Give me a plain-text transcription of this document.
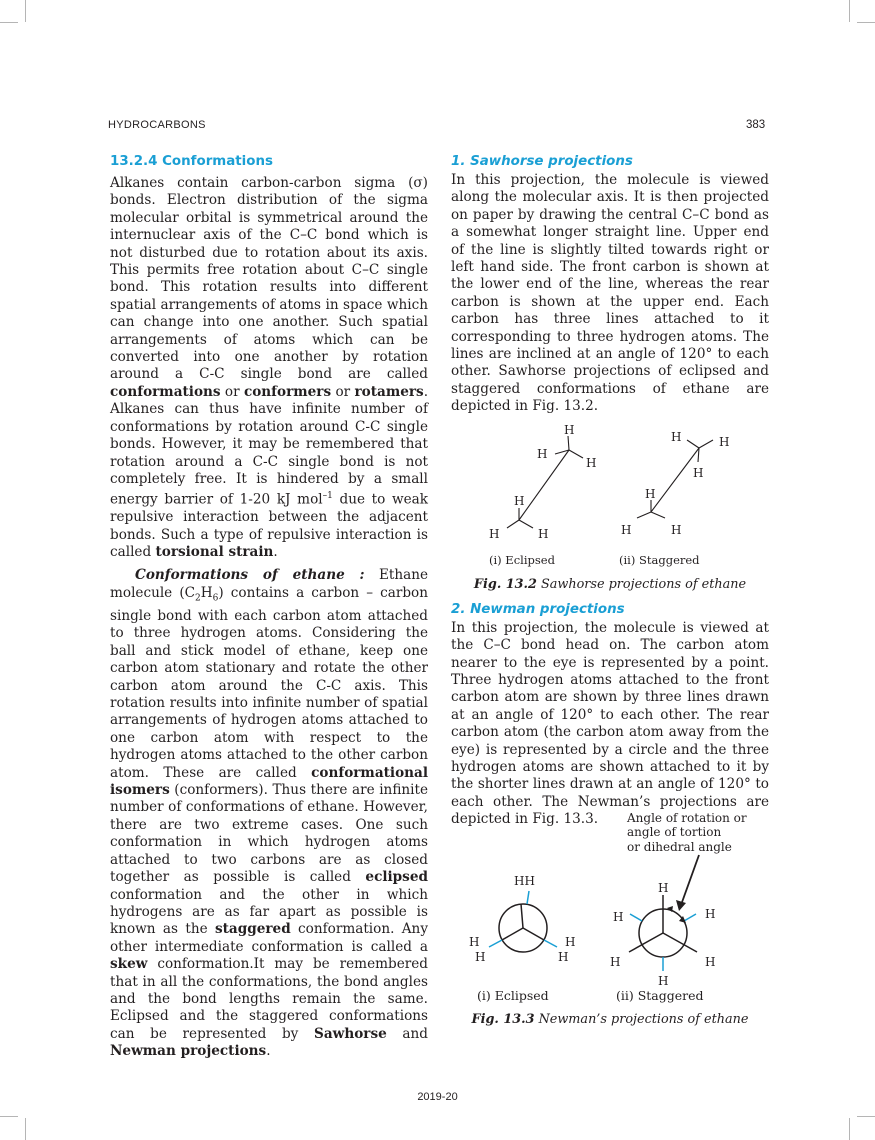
HYDROCARBONS	383
13.2.4 Conformations

Alkanes contain carbon-carbon sigma (σ) bonds. Electron distribution of the sigma molecular orbital is symmetrical around the internuclear axis of the C–C bond which is not disturbed due to rotation about its axis. This permits free rotation about C–C single bond. This rotation results into different spatial arrangements of atoms in space which can change into one another. Such spatial arrangements of atoms which can be converted into one another by rotation around a C-C single bond are called conformations or conformers or rotamers. Alkanes can thus have infinite number of conformations by rotation around C-C single bonds. However, it may be remembered that rotation around a C-C single bond is not completely free. It is hindered by a small energy barrier of 1-20 kJ mol$^{-1}$ due to weak repulsive interaction between the adjacent bonds. Such a type of repulsive interaction is called torsional strain.

Conformations of ethane : Ethane molecule $(C_2H_6)$ contains a carbon – carbon single bond with each carbon atom attached to three hydrogen atoms. Considering the ball and stick model of ethane, keep one carbon atom stationary and rotate the other carbon atom around the C-C axis. This rotation results into infinite number of spatial arrangements of hydrogen atoms attached to one carbon atom with respect to the hydrogen atoms attached to the other carbon atom. These are called conformational isomers (conformers). Thus there are infinite number of conformations of ethane. However, there are two extreme cases. One such conformation in which hydrogen atoms attached to two carbons are as closed together as possible is called eclipsed conformation and the other in which hydrogens are as far apart as possible is known as the staggered conformation. Any other intermediate conformation is called a skew conformation.It may be remembered that in all the conformations, the bond angles and the bond lengths remain the same. Eclipsed and the staggered conformations can be represented by Sawhorse and Newman projections.

1. Sawhorse projections

In this projection, the molecule is viewed along the molecular axis. It is then projected on paper by drawing the central C–C bond as a somewhat longer straight line. Upper end of the line is slightly tilted towards right or left hand side. The front carbon is shown at the lower end of the line, whereas the rear carbon is shown at the upper end. Each carbon has three lines attached to it corresponding to three hydrogen atoms. The lines are inclined at an angle of 120° to each other. Sawhorse projections of eclipsed and staggered conformations of ethane are depicted in Fig. 13.2.

H
H
H
H
H	H
H	H
H
H
H	H
(i) Eclipsed	(ii) Staggered

Fig. 13.2 Sawhorse projections of ethane

2. Newman projections

In this projection, the molecule is viewed at the C–C bond head on. The carbon atom nearer to the eye is represented by a point. Three hydrogen atoms attached to the front carbon atom are shown by three lines drawn at an angle of 120° to each other. The rear carbon atom (the carbon atom away from the eye) is represented by a circle and the three hydrogen atoms are shown attached to it by the shorter lines drawn at an angle of 120° to each other. The Newman’s projections are depicted in Fig. 13.3.	Angle of rotation or
angle of tortion
or dihedral angle
HH
H
H
H
H
H
H	H
H	H
H
(i) Eclipsed	(ii) Staggered

Fig. 13.3 Newman’s projections of ethane

2019-20
